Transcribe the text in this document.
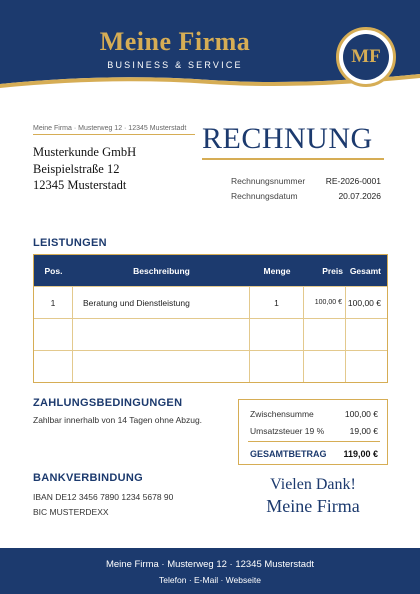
Meine Firma
BUSINESS & SERVICE	MF
Meine Firma · Musterweg 12 · 12345 Musterstadt
Musterkunde GmbH
Beispielstraße 12
12345 Musterstadt
RECHNUNG
Rechnungsnummer RE-2026-0001
Rechnungsdatum	20.07.2026
LEISTUNGEN
Pos.	Beschreibung	Menge	Preis Gesamt
1	Beratung und Dienstleistung	1	100,00 € 100,00 €
ZAHLUNGSBEDINGUNGEN
Zahlbar innerhalb von 14 Tagen ohne Abzug.
Zwischensumme	100,00 €
Umsatzsteuer 19 %	19,00 €
GESAMTBETRAG 119,00 €
BANKVERBINDUNG
IBAN DE12 3456 7890 1234 5678 90
BIC MUSTERDEXX
Vielen Dank!
Meine Firma
Meine Firma · Musterweg 12 · 12345 Musterstadt
Telefon · E-Mail · Webseite
